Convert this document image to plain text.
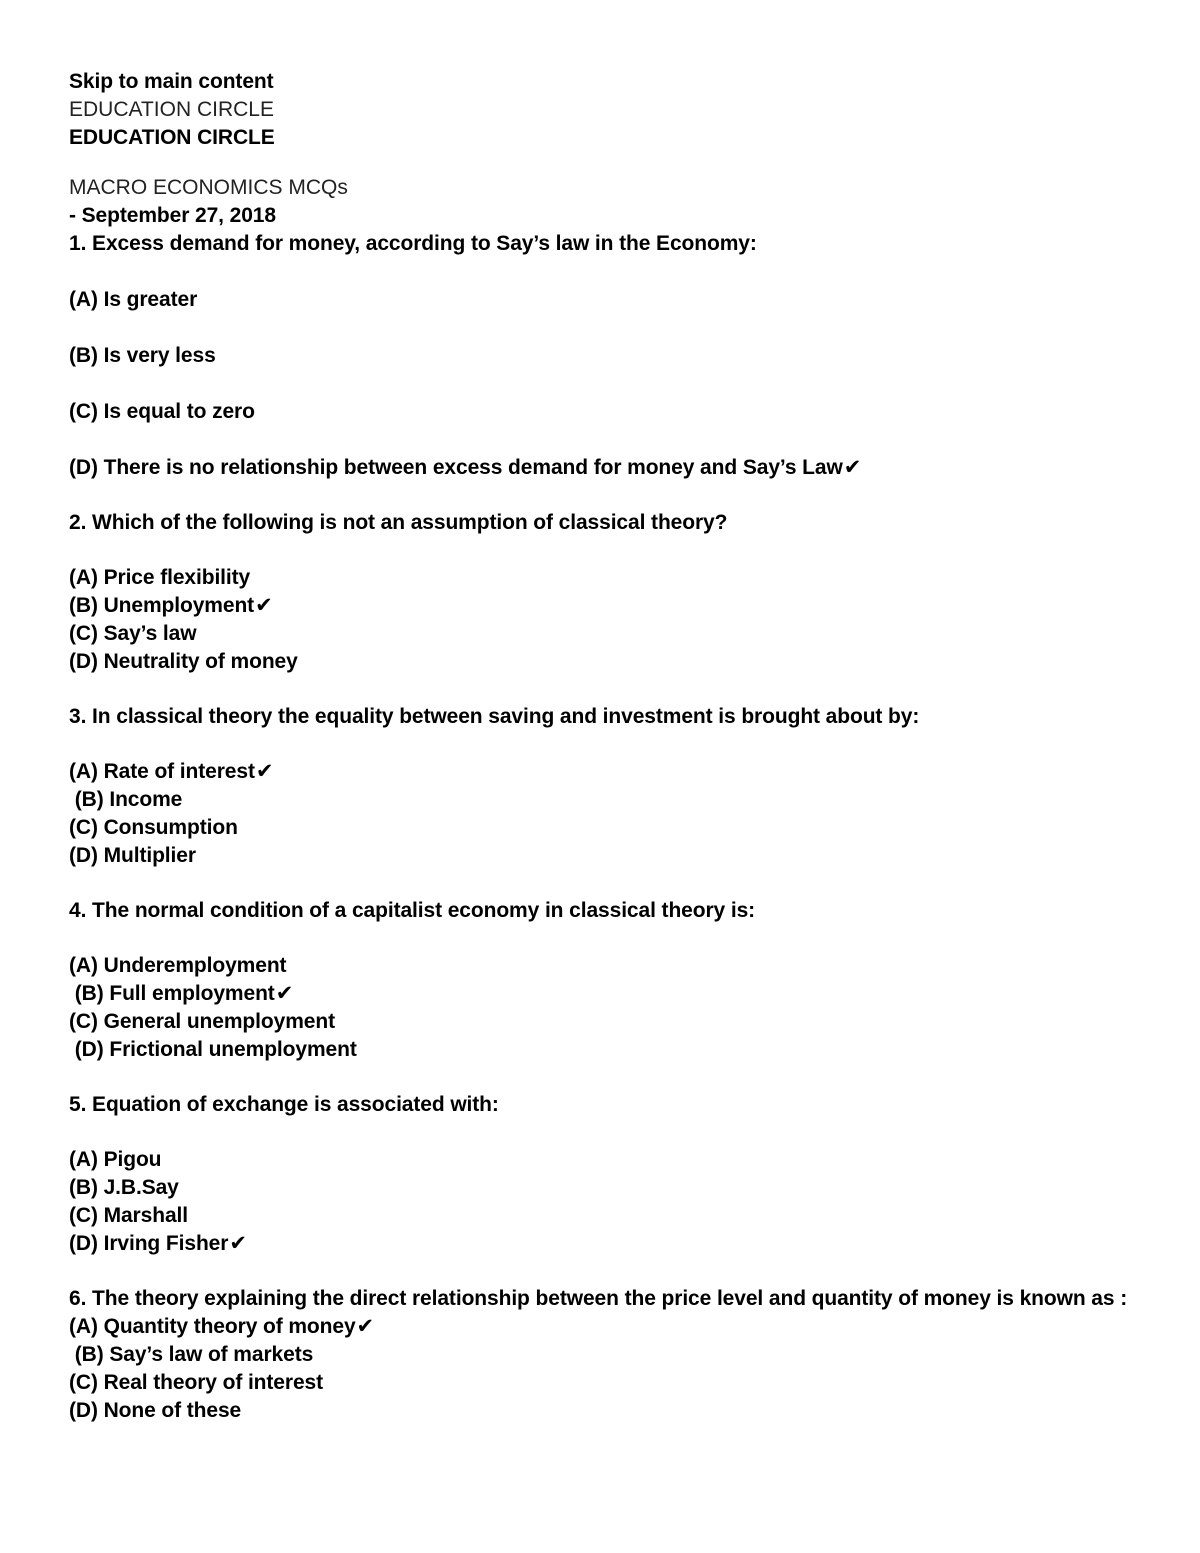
Skip to main content

EDUCATION CIRCLE

EDUCATION CIRCLE

MACRO ECONOMICS MCQs

- September 27, 2018

1. Excess demand for money, according to Say’s law in the Economy:

(A) Is greater

(B) Is very less

(C) Is equal to zero

(D) There is no relationship between excess demand for money and Say’s Law✔

2. Which of the following is not an assumption of classical theory?

(A) Price flexibility

(B) Unemployment✔

(C) Say’s law

(D) Neutrality of money

3. In classical theory the equality between saving and investment is brought about by:

(A) Rate of interest✔

(B) Income

(C) Consumption

(D) Multiplier

4. The normal condition of a capitalist economy in classical theory is:

(A) Underemployment

(B) Full employment✔

(C) General unemployment

(D) Frictional unemployment

5. Equation of exchange is associated with:

(A) Pigou

(B) J.B.Say

(C) Marshall

(D) Irving Fisher✔

6. The theory explaining the direct relationship between the price level and quantity of money is known as :

(A) Quantity theory of money✔

(B) Say’s law of markets

(C) Real theory of interest

(D) None of these
